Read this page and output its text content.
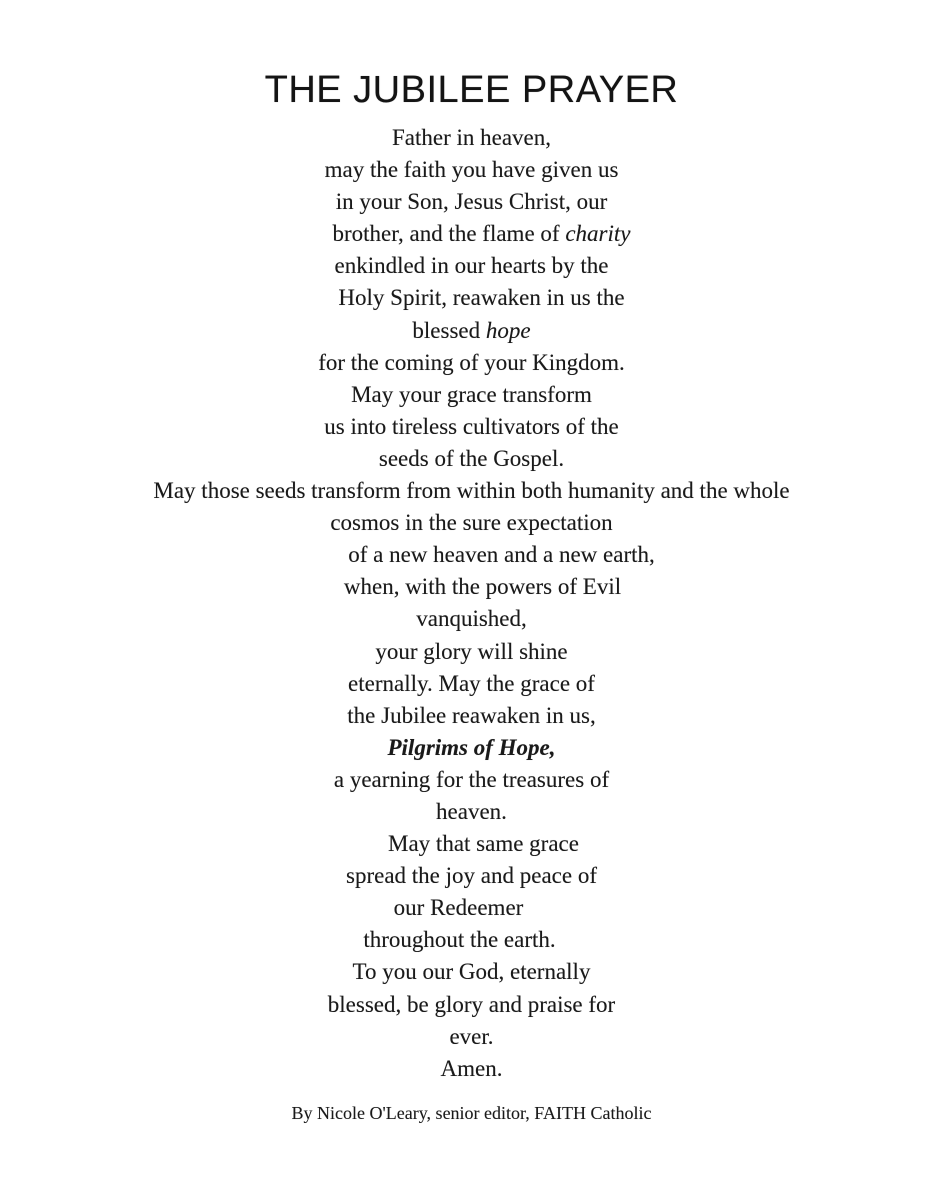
THE JUBILEE PRAYER
Father in heaven,
may the faith you have given us
in your Son, Jesus Christ, our
brother, and the flame of charity
enkindled in our hearts by the
Holy Spirit, reawaken in us the
blessed hope
for the coming of your Kingdom.
May your grace transform
us into tireless cultivators of the
seeds of the Gospel.
May those seeds transform from within both humanity and the whole
cosmos in the sure expectation
of a new heaven and a new earth,
when, with the powers of Evil
vanquished,
your glory will shine
eternally. May the grace of
the Jubilee reawaken in us,
Pilgrims of Hope,
a yearning for the treasures of
heaven.
May that same grace
spread the joy and peace of
our Redeemer
throughout the earth.
To you our God, eternally
blessed, be glory and praise for
ever.
Amen.
By Nicole O'Leary, senior editor, FAITH Catholic
